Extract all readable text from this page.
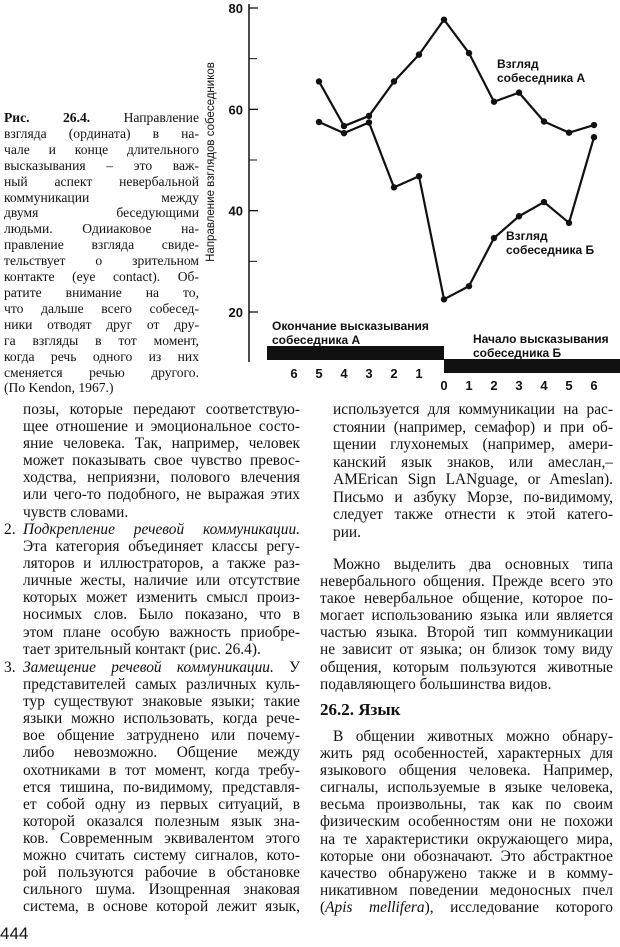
Рис. 26.4. Направление
взгляда (ордината) в на-
чале и конце длительного
высказывания – это важ-
ный аспект невербальной
коммуникации между
двумя беседующими
людьми. Одииаковое на-
правление взгляда свиде-
тельствует о зрительном
контакте (eye contact). Об-
ратите внимание на то,
что дальше всего собесед-
ники отводят друг от дру-
га взгляды в тот момент,
когда речь одного из них
сменяется речью другого.
(По Kendon, 1967.)
Направление взглядов собеседников
80
60
40
20
6 5 4 3 2 1
0 1 2 3 4 5 6
Взгляд
собеседника А
Взгляд
собеседника Б
Окончание высказывания
собеседника А	Начало высказывания
собеседника Б
позы, которые передают соответствую-
щее отношение и эмоциональное состо-
яние человека. Так, например, человек
может показывать свое чувство превос-
ходства, неприязни, полового влечения
или чего-то подобного, не выражая этих
чувств словами.
2. Подкрепление речевой коммуникации.
Эта категория объединяет классы регу-
ляторов и иллюстраторов, а также раз-
личные жесты, наличие или отсутствие
которых может изменить смысл произ-
носимых слов. Было показано, что в
этом плане особую важность приобре-
тает зрительный контакт (рис. 26.4).
3. Замещение речевой коммуникации. У
представителей самых различных куль-
тур существуют знаковые языки; такие
языки можно использовать, когда рече-
вое общение затруднено или почему-
либо невозможно. Общение между
охотниками в тот момент, когда требу-
ется тишина, по-видимому, представля-
ет собой одну из первых ситуаций, в
которой оказался полезным язык зна-
ков. Современным эквивалентом этого
можно считать систему сигналов, кото-
рой пользуются рабочие в обстановке
сильного шума. Изощренная знаковая
система, в основе которой лежит язык,
используется для коммуникации на рас-
стоянии (например, семафор) и при об-
щении глухонемых (например, амери-
канский язык знаков, или амеслан,–
AMErican Sign LANguage, or Ameslan).
Письмо и азбуку Морзе, по-видимому,
следует также отнести к этой катего-
рии.
Можно выделить два основных типа
невербального общения. Прежде всего это
такое невербальное общение, которое по-
могает использованию языка или является
частью языка. Второй тип коммуникации
не зависит от языка; он близок тому виду
общения, которым пользуются животные
подавляющего большинства видов.
26.2. Язык
В общении животных можно обнару-
жить ряд особенностей, характерных для
языкового общения человека. Например,
сигналы, используемые в языке человека,
весьма произвольны, так как по своим
физическим особенностям они не похожи
на те характеристики окружающего мира,
которые они обозначают. Это абстрактное
качество обнаружено также и в комму-
никативном поведении медоносных пчел
(Apis mellifera), исследование которого
444
